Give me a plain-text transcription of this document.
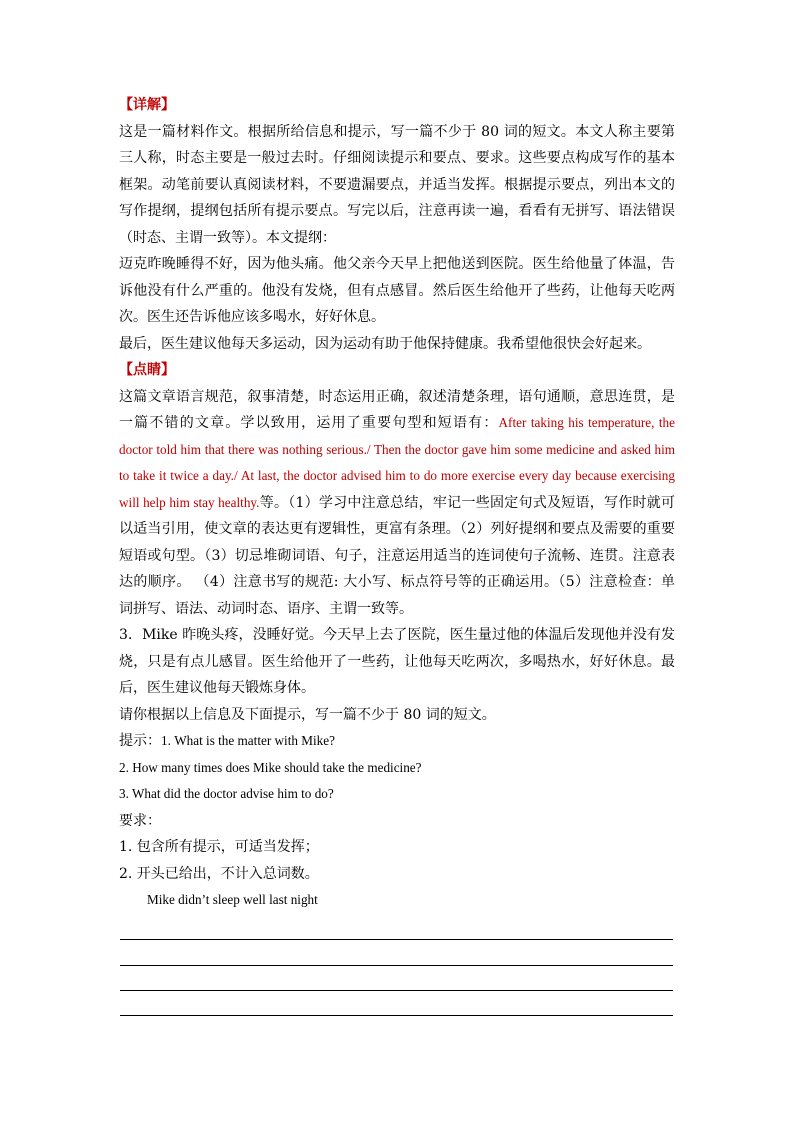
【详解】

这是一篇材料作文。根据所给信息和提示，写一篇不少于 80 词的短文。本文人称主要第三人称，时态主要是一般过去时。仔细阅读提示和要点、要求。这些要点构成写作的基本框架。动笔前要认真阅读材料，不要遗漏要点，并适当发挥。根据提示要点，列出本文的写作提纲，提纲包括所有提示要点。写完以后，注意再读一遍，看看有无拼写、语法错误（时态、主谓一致等）。本文提纲：

迈克昨晚睡得不好，因为他头痛。他父亲今天早上把他送到医院。医生给他量了体温，告诉他没有什么严重的。他没有发烧，但有点感冒。然后医生给他开了些药，让他每天吃两次。医生还告诉他应该多喝水，好好休息。

最后，医生建议他每天多运动，因为运动有助于他保持健康。我希望他很快会好起来。

【点睛】

这篇文章语言规范，叙事清楚，时态运用正确，叙述清楚条理，语句通顺，意思连贯，是一篇不错的文章。学以致用，运用了重要句型和短语有：After taking his temperature, the doctor told him that there was nothing serious./ Then the doctor gave him some medicine and asked him to take it twice a day./ At last, the doctor advised him to do more exercise every day because exercising will help him stay healthy.等。（1）学习中注意总结，牢记一些固定句式及短语，写作时就可以适当引用，使文章的表达更有逻辑性，更富有条理。（2）列好提纲和要点及需要的重要短语或句型。（3）切忌堆砌词语、句子，注意运用适当的连词使句子流畅、连贯。注意表达的顺序。 （4）注意书写的规范: 大小写、标点符号等的正确运用。（5）注意检查：单词拼写、语法、动词时态、语序、主谓一致等。

3．Mike 昨晚头疼，没睡好觉。今天早上去了医院，医生量过他的体温后发现他并没有发烧，只是有点儿感冒。医生给他开了一些药，让他每天吃两次，多喝热水，好好休息。最后，医生建议他每天锻炼身体。

请你根据以上信息及下面提示，写一篇不少于 80 词的短文。

提示：1. What is the matter with Mike?

2. How many times does Mike should take the medicine?

3. What did the doctor advise him to do?

要求：

1. 包含所有提示，可适当发挥；

2. 开头已给出，不计入总词数。

Mike didn’t sleep well last night
